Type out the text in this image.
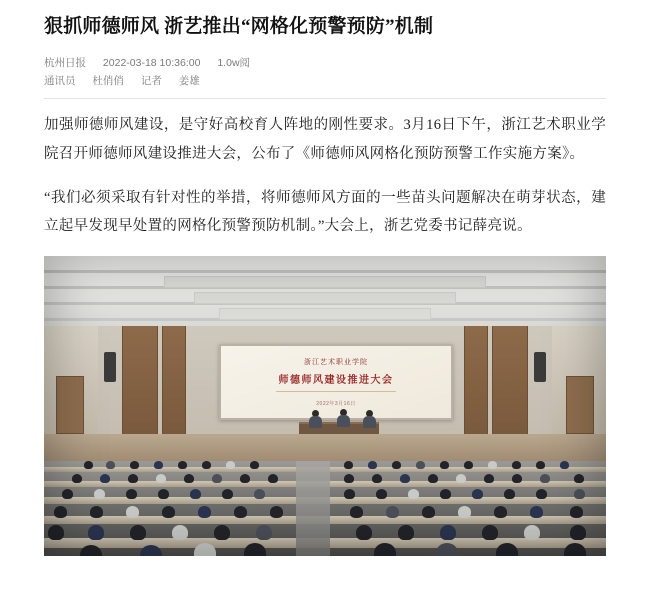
狠抓师德师风 浙艺推出“网格化预警预防”机制
杭州日报 2022-03-18 10:36:00 1.0w阅
通讯员 杜俏俏 记者 姜雄

加强师德师风建设，是守好高校育人阵地的刚性要求。3月16日下午，浙江艺术职业学院召开师德师风建设推进大会，公布了《师德师风网格化预防预警工作实施方案》。

“我们必须采取有针对性的举措，将师德师风方面的一些苗头问题解决在萌芽状态，建立起早发现早处置的网格化预警预防机制。”大会上，浙艺党委书记薛亮说。

浙江艺术职业学院
师德师风建设推进大会
2022年3月16日
